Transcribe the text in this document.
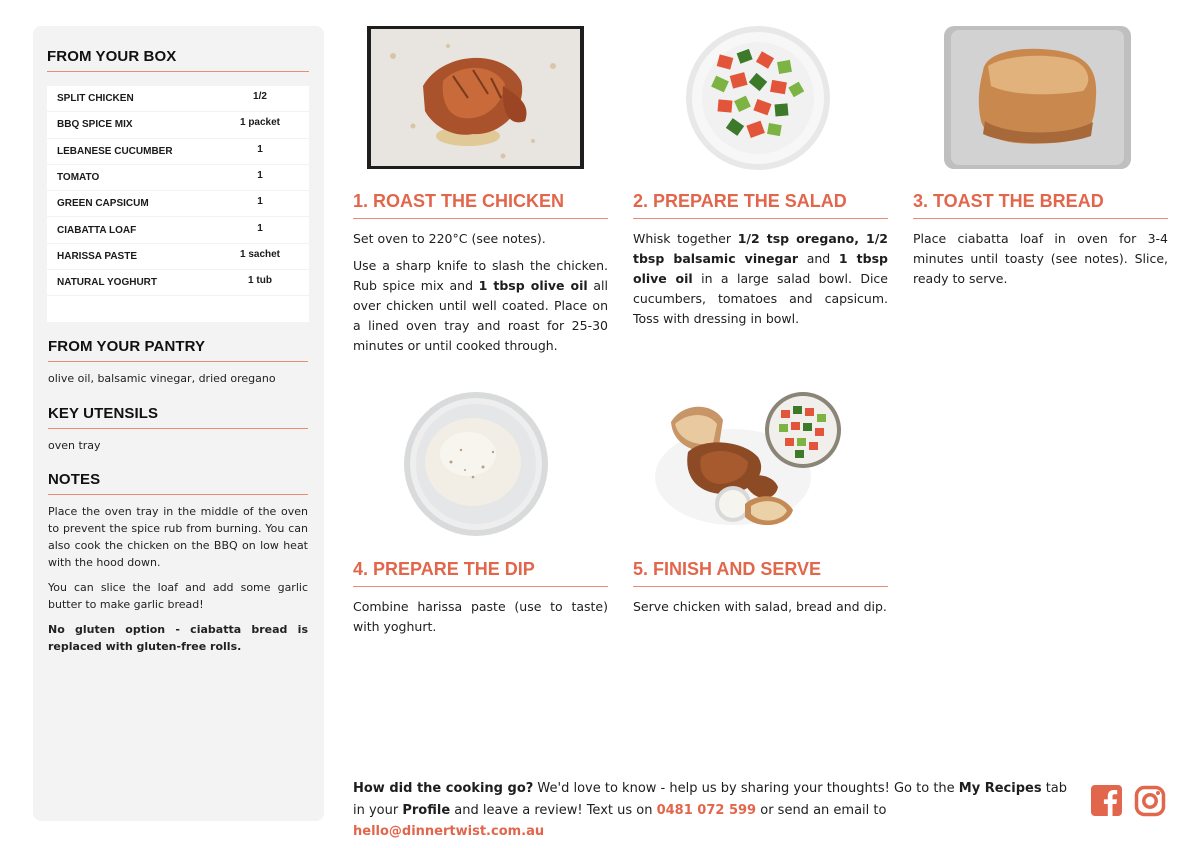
FROM YOUR BOX
SPLIT CHICKEN	1/2
BBQ SPICE MIX	1 packet
LEBANESE CUCUMBER	1
TOMATO	1
GREEN CAPSICUM	1
CIABATTA LOAF	1
HARISSA PASTE	1 sachet
NATURAL YOGHURT	1 tub
FROM YOUR PANTRY
olive oil, balsamic vinegar, dried oregano
KEY UTENSILS
oven tray
NOTES

Place the oven tray in the middle of the oven to prevent the spice rub from burning. You can also cook the chicken on the BBQ on low heat with the hood down.

You can slice the loaf and add some garlic butter to make garlic bread!

No gluten option - ciabatta bread is replaced with gluten-free rolls.

1. ROAST THE CHICKEN

Set oven to 220°C (see notes).

Use a sharp knife to slash the chicken. Rub spice mix and 1 tbsp olive oil all over chicken until well coated. Place on a lined oven tray and roast for 25-30 minutes or until cooked through.

2. PREPARE THE SALAD

Whisk together 1/2 tsp oregano, 1/2 tbsp balsamic vinegar and 1 tbsp olive oil in a large salad bowl. Dice cucumbers, tomatoes and capsicum. Toss with dressing in bowl.

3. TOAST THE BREAD

Place ciabatta loaf in oven for 3-4 minutes until toasty (see notes). Slice, ready to serve.

4. PREPARE THE DIP

Combine harissa paste (use to taste) with yoghurt.

5. FINISH AND SERVE

Serve chicken with salad, bread and dip.

How did the cooking go? We'd love to know - help us by sharing your thoughts! Go to the My Recipes tab in your Profile and leave a review! Text us on 0481 072 599 or send an email to hello@dinnertwist.com.au
